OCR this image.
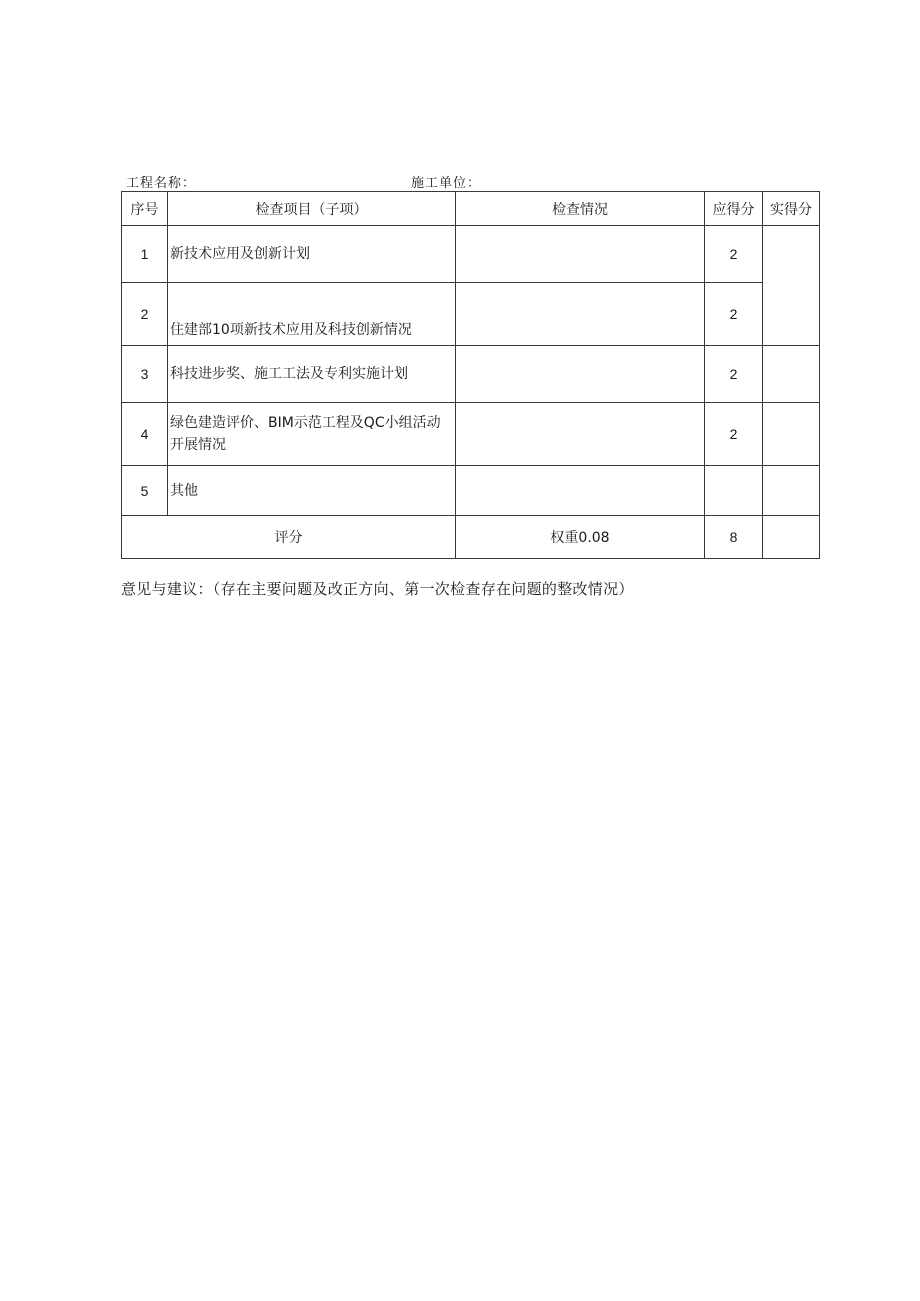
工程名称：	施工单位：
序号	检查项目（子项）	检查情况	应得分	实得分
1	新技术应用及创新计划		2	
2	住建部10项新技术应用及科技创新情况		2	
3	科技进步奖、施工工法及专利实施计划		2	
4	绿色建造评价、BIM示范工程及QC小组活动开展情况		2	
5	其他			
评分		权重0.08	8	
意见与建议：（存在主要问题及改正方向、第一次检查存在问题的整改情况）
